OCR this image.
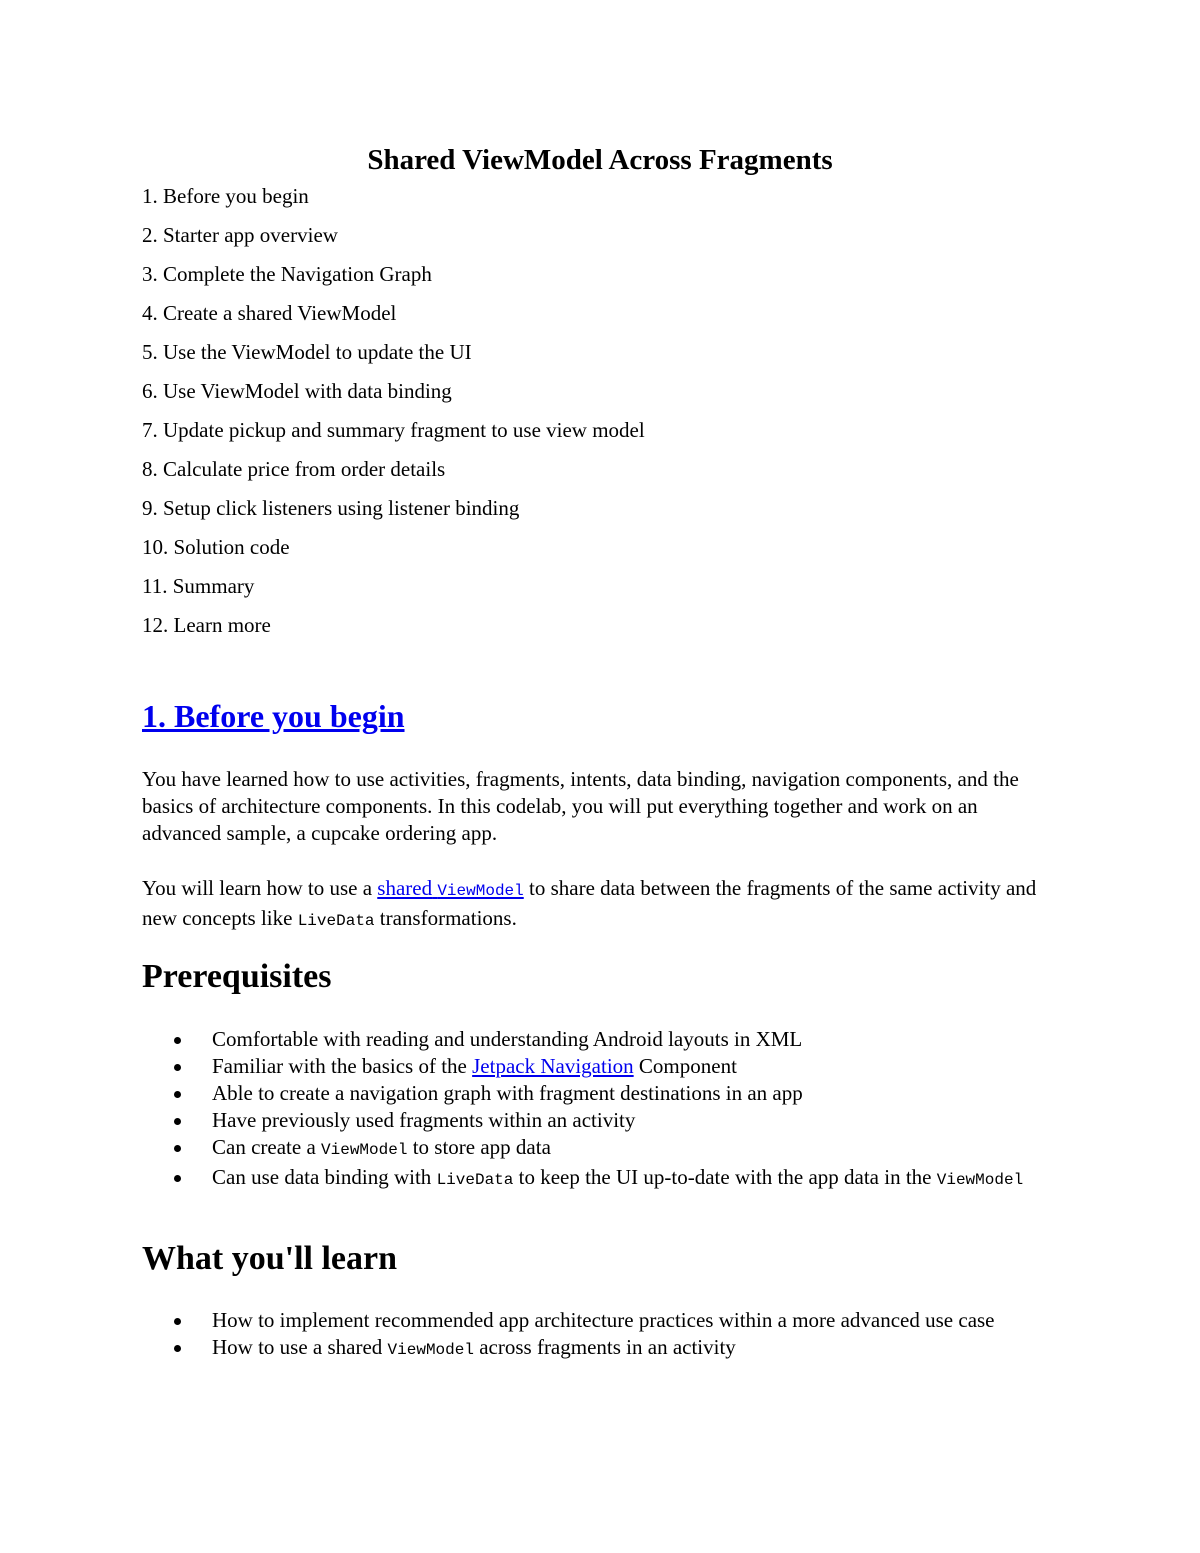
Shared ViewModel Across Fragments
1. Before you begin
2. Starter app overview
3. Complete the Navigation Graph
4. Create a shared ViewModel
5. Use the ViewModel to update the UI
6. Use ViewModel with data binding
7. Update pickup and summary fragment to use view model
8. Calculate price from order details
9. Setup click listeners using listener binding
10. Solution code
11. Summary
12. Learn more
1. Before you begin

You have learned how to use activities, fragments, intents, data binding, navigation components, and the basics of architecture components. In this codelab, you will put everything together and work on an advanced sample, a cupcake ordering app.

You will learn how to use a shared ViewModel to share data between the fragments of the same activity and new concepts like LiveData transformations.

Prerequisites
Comfortable with reading and understanding Android layouts in XML
Familiar with the basics of the Jetpack Navigation Component
Able to create a navigation graph with fragment destinations in an app
Have previously used fragments within an activity
Can create a ViewModel to store app data
Can use data binding with LiveData to keep the UI up-to-date with the app data in the ViewModel
What you'll learn
How to implement recommended app architecture practices within a more advanced use case
How to use a shared ViewModel across fragments in an activity
